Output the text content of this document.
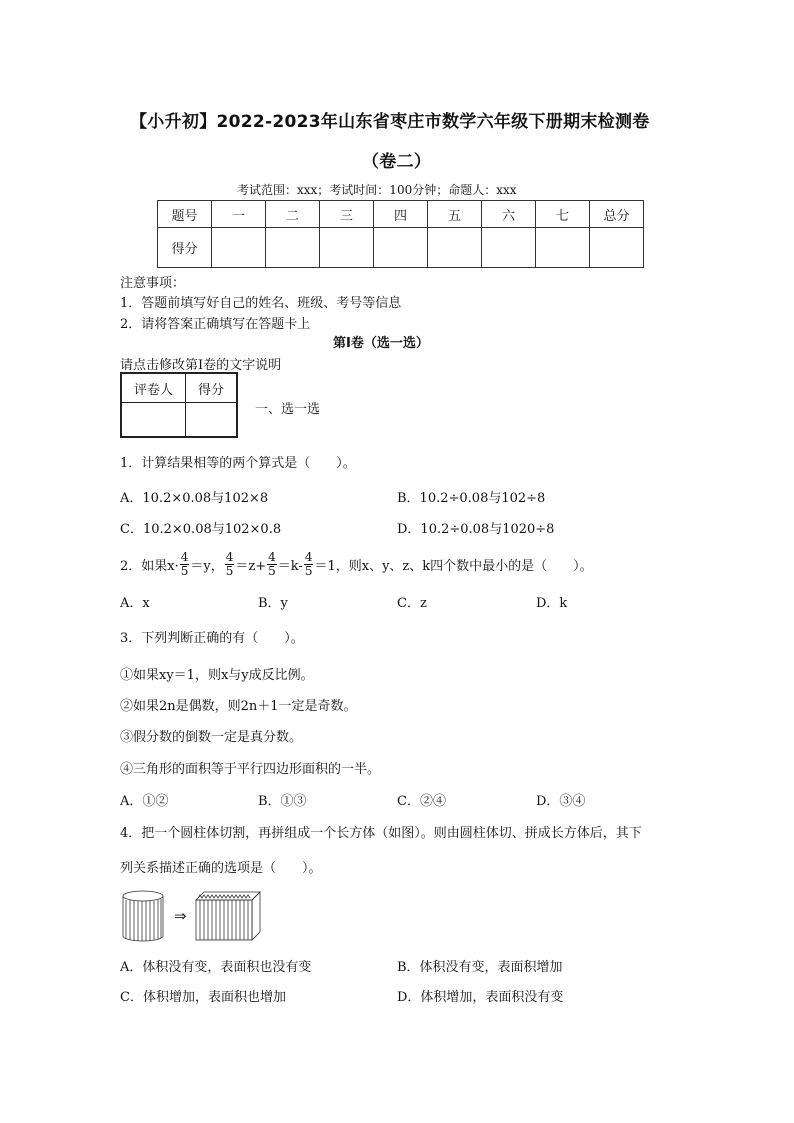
【小升初】2022-2023年山东省枣庄市数学六年级下册期末检测卷
（卷二）
考试范围：xxx；考试时间：100分钟；命题人：xxx
题号	一	二	三	四	五	六	七	总分
得分								
注意事项：
1．答题前填写好自己的姓名、班级、考号等信息
2．请将答案正确填写在答题卡上
第I卷（选一选）
请点击修改第I卷的文字说明
评卷人	得分

一、选一选
1．计算结果相等的两个算式是（　　）。
A．10.2×0.08与102×8	B．10.2÷0.08与102÷8
C．10.2×0.08与102×0.8	D．10.2÷0.08与1020÷8
2．如果$x\cdot \frac{4}{5} =y$， $\frac{4}{5} =z+ \frac{4}{5} =k- \frac{4}{5} =1$，则x、y、z、k四个数中最小的是（　　）。
A．x	B．y	C．z	D．k
3．下列判断正确的有（　　）。
①如果xy＝1，则x与y成反比例。
②如果2n是偶数，则2n＋1一定是奇数。
③假分数的倒数一定是真分数。
④三角形的面积等于平行四边形面积的一半。
A．①②	B．①③	C．②④	D．③④
4．把一个圆柱体切割，再拼组成一个长方体（如图）。则由圆柱体切、拼成长方体后，其下
列关系描述正确的选项是（　　）。
⇒
A．体积没有变，表面积也没有变	B．体积没有变，表面积增加
C．体积增加，表面积也增加	D．体积增加，表面积没有变
